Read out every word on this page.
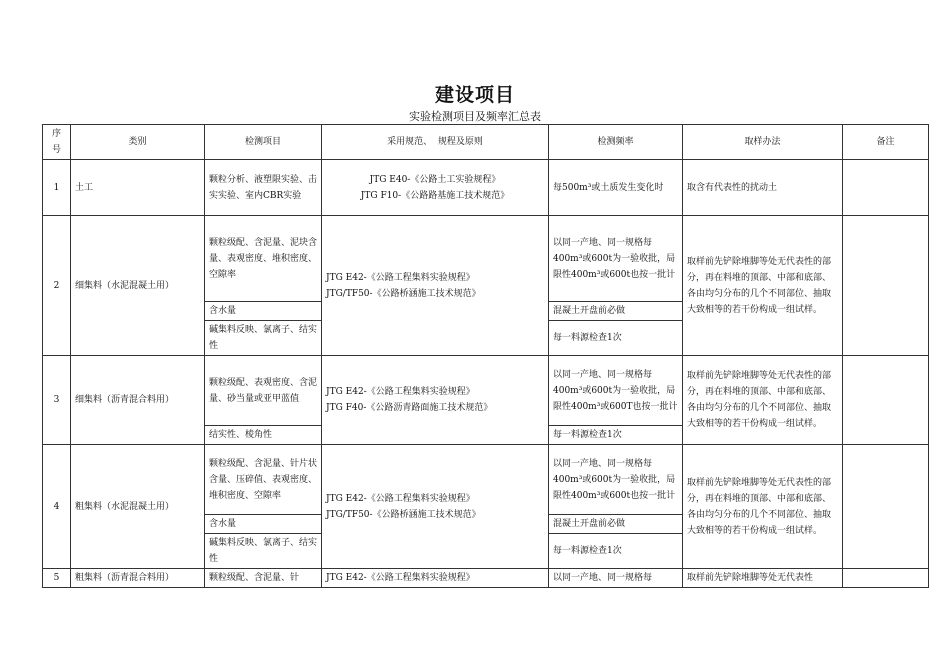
建设项目
实验检测项目及频率汇总表
序
号	类别	检测项目	采用规范、  规程及原则	检测频率	取样办法	备注
1	土工	颗粒分析、液塑限实验、击实实验、室内CBR实验	JTG E40-《公路土工实验规程》
JTG F10-《公路路基施工技术规范》	每500m³或土质发生变化时	取含有代表性的扰动土	
2	细集料（水泥混凝土用）	颗粒级配、含泥量、泥块含量、表观密度、堆积密度、空隙率	JTG E42-《公路工程集料实验规程》
JTG/TF50-《公路桥涵施工技术规范》	以同一产地、同一规格每400m³或600t为一验收批，局限性400m³或600t也按一批计	取样前先铲除堆脚等处无代表性的部分，再在料堆的顶部、中部和底部、各由均匀分布的几个不同部位、抽取大致相等的若干份构成一组试样。	
		含水量		混凝土开盘前必做		
		碱集料反映、氯离子、结实性		每一料源检查1次		
3	细集料（沥青混合料用）	颗粒级配、表观密度、含泥量、砂当量或亚甲蓝值	JTG E42-《公路工程集料实验规程》
JTG F40-《公路沥青路面施工技术规范》	以同一产地、同一规格每400m³或600t为一验收批，局限性400m³或600T也按一批计	取样前先铲除堆脚等处无代表性的部分，再在料堆的顶部、中部和底部、各由均匀分布的几个不同部位、抽取大致相等的若干份构成一组试样。	
		结实性、棱角性		每一料源检查1次		
4	粗集料（水泥混凝土用）	颗粒级配、含泥量、针片状含量、压碎值、表观密度、堆积密度、空隙率	JTG E42-《公路工程集料实验规程》
JTG/TF50-《公路桥涵施工技术规范》	以同一产地、同一规格每400m³或600t为一验收批，局限性400m³或600t也按一批计	取样前先铲除堆脚等处无代表性的部分，再在料堆的顶部、中部和底部、各由均匀分布的几个不同部位、抽取大致相等的若干份构成一组试样。	
		含水量		混凝土开盘前必做		
		碱集料反映、氯离子、结实性		每一料源检查1次		
5	粗集料（沥青混合料用）	颗粒级配、含泥量、针	JTG E42-《公路工程集料实验规程》	以同一产地、同一规格每	取样前先铲除堆脚等处无代表性	
